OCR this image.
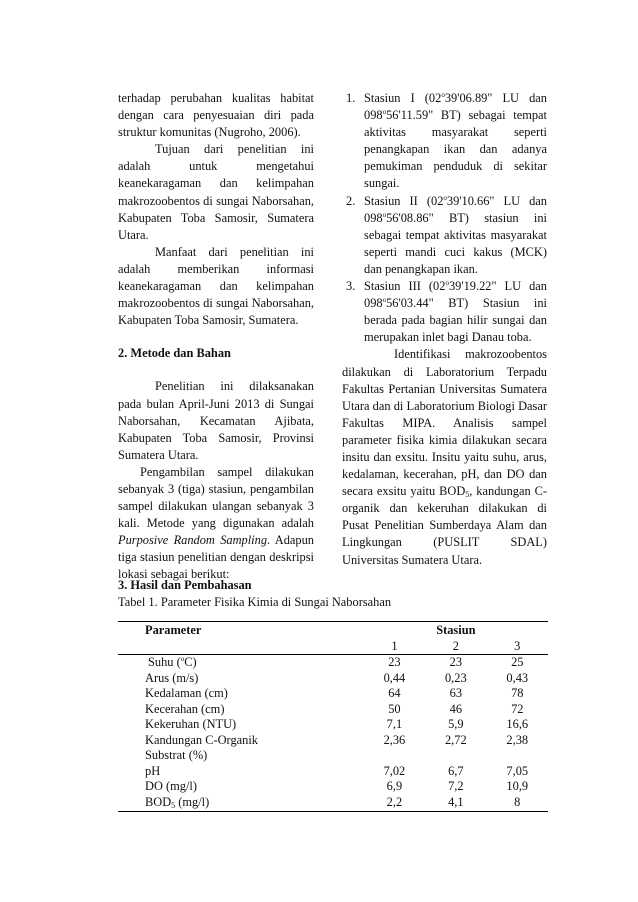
terhadap perubahan kualitas habitat dengan cara penyesuaian diri pada struktur komunitas (Nugroho, 2006).

Tujuan dari penelitian ini adalah untuk mengetahui keanekaragaman dan kelimpahan makrozoobentos di sungai Naborsahan, Kabupaten Toba Samosir, Sumatera Utara.

Manfaat dari penelitian ini adalah memberikan informasi keanekaragaman dan kelimpahan makrozoobentos di sungai Naborsahan, Kabupaten Toba Samosir, Sumatera.

2. Metode dan Bahan

Penelitian ini dilaksanakan pada bulan April-Juni 2013 di Sungai Naborsahan, Kecamatan Ajibata, Kabupaten Toba Samosir, Provinsi Sumatera Utara.

Pengambilan sampel dilakukan sebanyak 3 (tiga) stasiun, pengambilan sampel dilakukan ulangan sebanyak 3 kali. Metode yang digunakan adalah Purposive Random Sampling. Adapun tiga stasiun penelitian dengan deskripsi lokasi sebagai berikut:

1. Stasiun I (02$^o$39'06.89" LU dan 098$^o$56'11.59" BT) sebagai tempat aktivitas masyarakat seperti penangkapan ikan dan adanya pemukiman penduduk di sekitar sungai.
2. Stasiun II (02$^o$39'10.66" LU dan 098$^o$56'08.86" BT) stasiun ini sebagai tempat aktivitas masyarakat seperti mandi cuci kakus (MCK) dan penangkapan ikan.
3. Stasiun III (02$^o$39'19.22" LU dan 098$^o$56'03.44" BT) Stasiun ini berada pada bagian hilir sungai dan merupakan inlet bagi Danau toba.

Identifikasi makrozoobentos dilakukan di Laboratorium Terpadu Fakultas Pertanian Universitas Sumatera Utara dan di Laboratorium Biologi Dasar Fakultas MIPA. Analisis sampel parameter fisika kimia dilakukan secara insitu dan exsitu. Insitu yaitu suhu, arus, kedalaman, kecerahan, pH, dan DO dan secara exsitu yaitu $BOD_5$, kandungan C-organik dan kekeruhan dilakukan di Pusat Penelitian Sumberdaya Alam dan Lingkungan (PUSLIT SDAL) Universitas Sumatera Utara.

3. Hasil dan Pembahasan
Tabel 1. Parameter Fisika Kimia di Sungai Naborsahan
Parameter	Stasiun		
	1	2	3
Suhu ($^o$C)	23	23	25
Arus (m/s)	0,44	0,23	0,43
Kedalaman (cm)	64	63	78
Kecerahan (cm)	50	46	72
Kekeruhan (NTU)	7,1	5,9	16,6
Kandungan C-Organik	2,36	2,72	2,38
Substrat (%)			
pH	7,02	6,7	7,05
DO (mg/l)	6,9	7,2	10,9
$BOD_5$ (mg/l)	2,2	4,1	8
